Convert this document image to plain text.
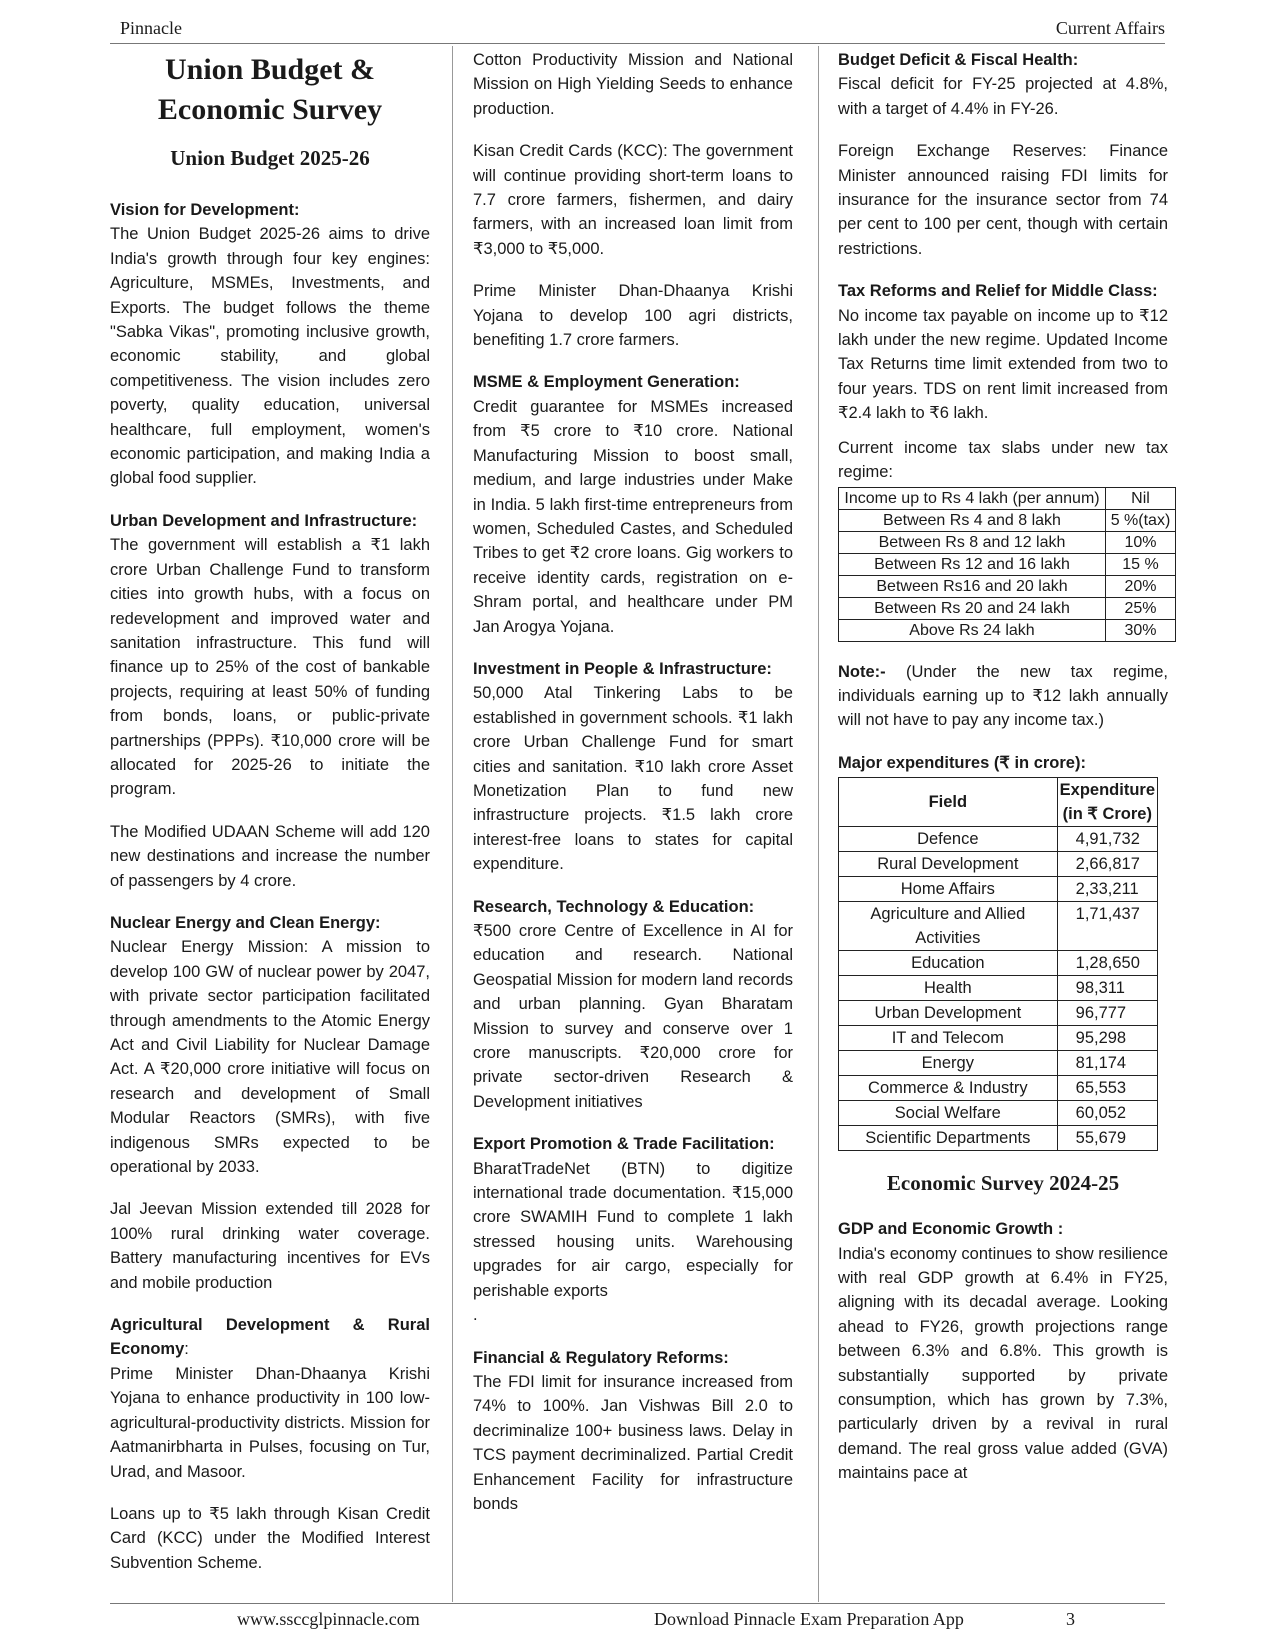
Pinnacle	Current Affairs
Union Budget &
Economic Survey
Union Budget 2025-26
Vision for Development:

The Union Budget 2025-26 aims to drive India's growth through four key engines: Agriculture, MSMEs, Investments, and Exports. The budget follows the theme "Sabka Vikas", promoting inclusive growth, economic stability, and global competitiveness. The vision includes zero poverty, quality education, universal healthcare, full employment, women's economic participation, and making India a global food supplier.

Urban Development and Infrastructure:

The government will establish a ₹1 lakh crore Urban Challenge Fund to transform cities into growth hubs, with a focus on redevelopment and improved water and sanitation infrastructure. This fund will finance up to 25% of the cost of bankable projects, requiring at least 50% of funding from bonds, loans, or public-private partnerships (PPPs). ₹10,000 crore will be allocated for 2025-26 to initiate the program.

The Modified UDAAN Scheme will add 120 new destinations and increase the number of passengers by 4 crore.

Nuclear Energy and Clean Energy:

Nuclear Energy Mission: A mission to develop 100 GW of nuclear power by 2047, with private sector participation facilitated through amendments to the Atomic Energy Act and Civil Liability for Nuclear Damage Act. A ₹20,000 crore initiative will focus on research and development of Small Modular Reactors (SMRs), with five indigenous SMRs expected to be operational by 2033.

Jal Jeevan Mission extended till 2028 for 100% rural drinking water coverage. Battery manufacturing incentives for EVs and mobile production

Agricultural Development & Rural Economy:

Prime Minister Dhan-Dhaanya Krishi Yojana to enhance productivity in 100 low-agricultural-productivity districts. Mission for Aatmanirbharta in Pulses, focusing on Tur, Urad, and Masoor.

Loans up to ₹5 lakh through Kisan Credit Card (KCC) under the Modified Interest Subvention Scheme.

Cotton Productivity Mission and National Mission on High Yielding Seeds to enhance production.

Kisan Credit Cards (KCC): The government will continue providing short-term loans to 7.7 crore farmers, fishermen, and dairy farmers, with an increased loan limit from ₹3,000 to ₹5,000.

Prime Minister Dhan-Dhaanya Krishi Yojana to develop 100 agri districts, benefiting 1.7 crore farmers.

MSME & Employment Generation:

Credit guarantee for MSMEs increased from ₹5 crore to ₹10 crore. National Manufacturing Mission to boost small, medium, and large industries under Make in India. 5 lakh first-time entrepreneurs from women, Scheduled Castes, and Scheduled Tribes to get ₹2 crore loans. Gig workers to receive identity cards, registration on e-Shram portal, and healthcare under PM Jan Arogya Yojana.

Investment in People & Infrastructure:

50,000 Atal Tinkering Labs to be established in government schools. ₹1 lakh crore Urban Challenge Fund for smart cities and sanitation. ₹10 lakh crore Asset Monetization Plan to fund new infrastructure projects. ₹1.5 lakh crore interest-free loans to states for capital expenditure.

Research, Technology & Education:

₹500 crore Centre of Excellence in AI for education and research. National Geospatial Mission for modern land records and urban planning. Gyan Bharatam Mission to survey and conserve over 1 crore manuscripts. ₹20,000 crore for private sector-driven Research & Development initiatives

Export Promotion & Trade Facilitation:

BharatTradeNet (BTN) to digitize international trade documentation. ₹15,000 crore SWAMIH Fund to complete 1 lakh stressed housing units. Warehousing upgrades for air cargo, especially for perishable exports

.

Financial & Regulatory Reforms:

The FDI limit for insurance increased from 74% to 100%. Jan Vishwas Bill 2.0 to decriminalize 100+ business laws. Delay in TCS payment decriminalized. Partial Credit Enhancement Facility for infrastructure bonds

Budget Deficit & Fiscal Health:

Fiscal deficit for FY-25 projected at 4.8%, with a target of 4.4% in FY-26.

Foreign Exchange Reserves: Finance Minister announced raising FDI limits for insurance for the insurance sector from 74 per cent to 100 per cent, though with certain restrictions.

Tax Reforms and Relief for Middle Class:

No income tax payable on income up to ₹12 lakh under the new regime. Updated Income Tax Returns time limit extended from two to four years. TDS on rent limit increased from ₹2.4 lakh to ₹6 lakh.

Current income tax slabs under new tax regime:

Income up to Rs 4 lakh (per annum)	Nil
Between Rs 4 and 8 lakh	5 %(tax)
Between Rs 8 and 12 lakh	10%
Between Rs 12 and 16 lakh	15 %
Between Rs16 and 20 lakh	20%
Between Rs 20 and 24 lakh	25%
Above Rs 24 lakh	30%

Note:- (Under the new tax regime, individuals earning up to ₹12 lakh annually will not have to pay any income tax.)

Major expenditures (₹ in crore):
Field	Expenditure
(in ₹ Crore)

Defence	4,91,732
Rural Development	2,66,817
Home Affairs	2,33,211
Agriculture and Allied Activities	1,71,437
Education	1,28,650
Health	98,311
Urban Development	96,777
IT and Telecom	95,298
Energy	81,174
Commerce & Industry	65,553
Social Welfare	60,052
Scientific Departments	55,679
Economic Survey 2024-25
GDP and Economic Growth :

India's economy continues to show resilience with real GDP growth at 6.4% in FY25, aligning with its decadal average. Looking ahead to FY26, growth projections range between 6.3% and 6.8%. This growth is substantially supported by private consumption, which has grown by 7.3%, particularly driven by a revival in rural demand. The real gross value added (GVA) maintains pace at

www.ssccglpinnacle.com	Download Pinnacle Exam Preparation App	3
